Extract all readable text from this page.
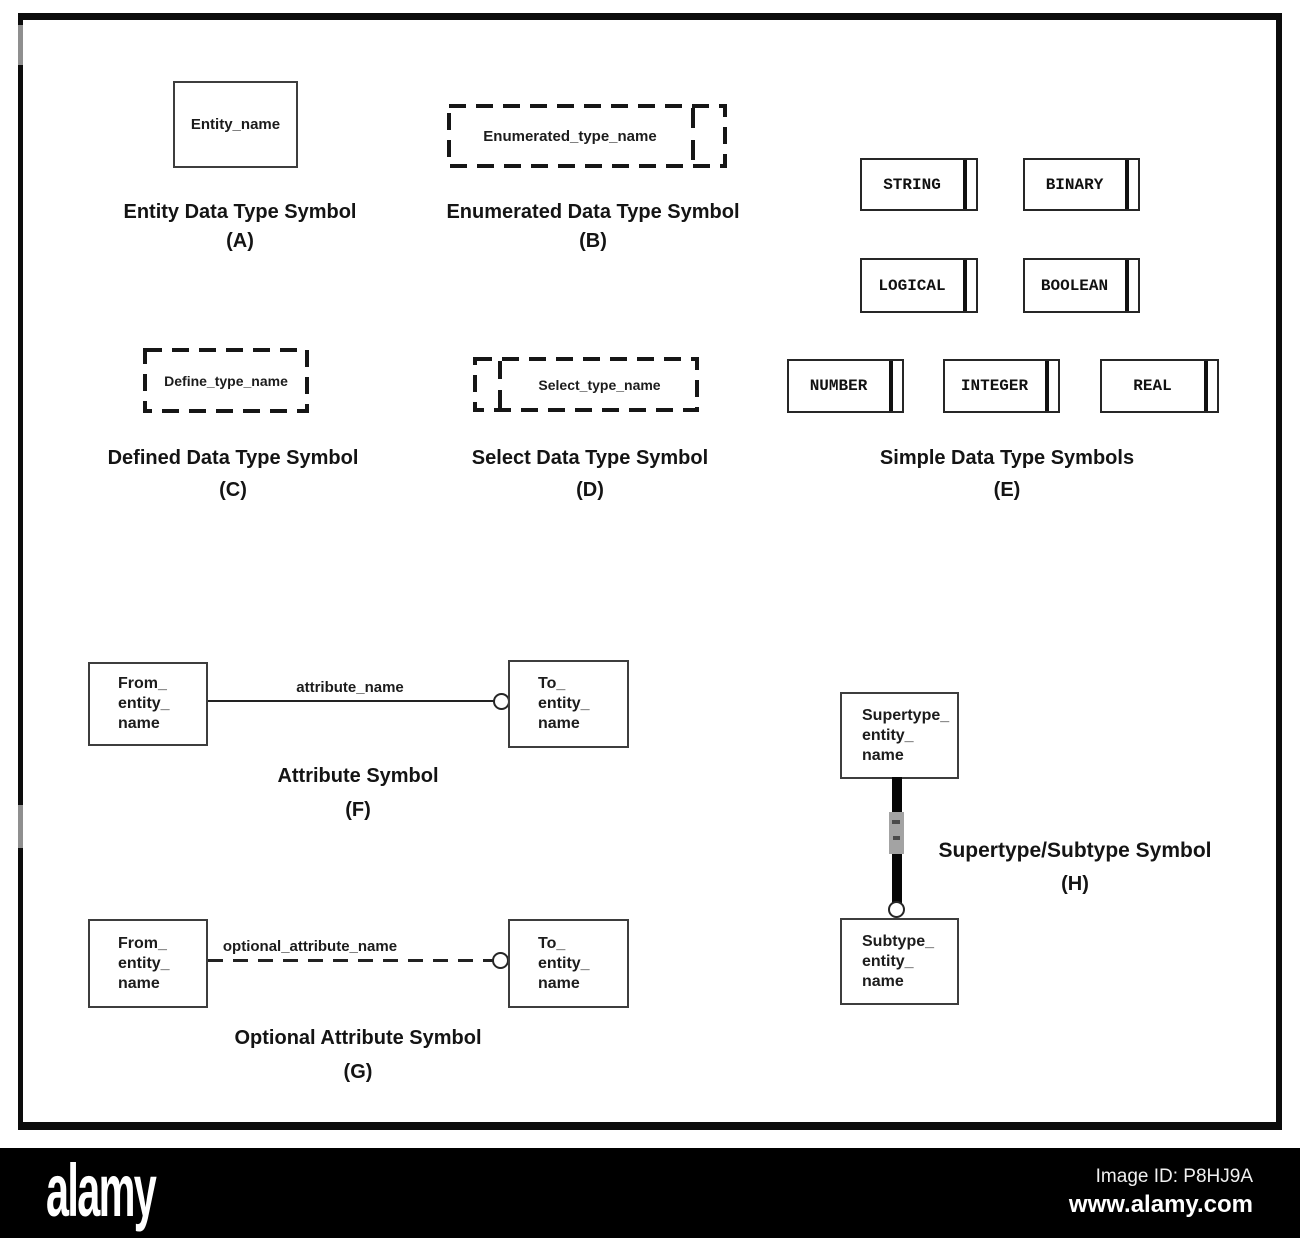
Entity_name
Entity Data Type Symbol
(A)
Enumerated_type_name
Enumerated Data Type Symbol
(B)
Define_type_name
Defined Data Type Symbol
(C)
Select_type_name
Select Data Type Symbol
(D)
STRING	BINARY
LOGICAL	BOOLEAN
NUMBER	INTEGER	REAL
Simple Data Type Symbols
(E)
From_
entity_
name
attribute_name	To_
entity_
name
Attribute Symbol
(F)
From_
entity_
name
optional_attribute_name	To_
entity_
name
Optional Attribute Symbol
(G)
Supertype_
entity_
name
Subtype_
entity_
name
Supertype/Subtype Symbol
(H)
alamy	Image ID: P8HJ9A
www.alamy.com
